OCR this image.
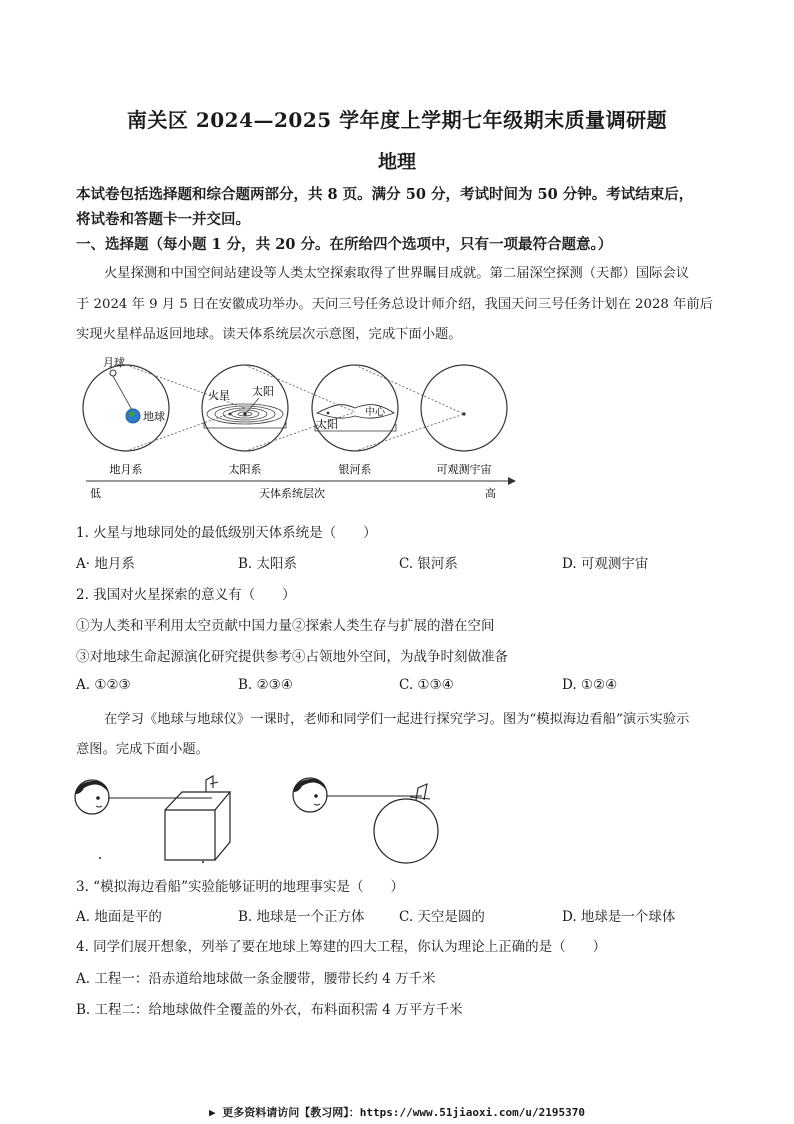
南关区 2024—2025 学年度上学期七年级期末质量调研题
地理
本试卷包括选择题和综合题两部分，共 8 页。满分 50 分，考试时间为 50 分钟。考试结束后，
将试卷和答题卡一并交回。
一、选择题（每小题 1 分，共 20 分。在所给四个选项中，只有一项最符合题意。）
火星探测和中国空间站建设等人类太空探索取得了世界瞩目成就。第二届深空探测（天都）国际会议
于 2024 年 9 月 5 日在安徽成功举办。天问三号任务总设计师介绍，我国天问三号任务计划在 2028 年前后
实现火星样品返回地球。读天体系统层次示意图，完成下面小题。
月球
地球
火星 太阳
中心
太阳
地月系	太阳系	银河系	可观测宇宙
低	天体系统层次	高
1. 火星与地球同处的最低级别天体系统是（　　）
A· 地月系	B. 太阳系	C. 银河系	D. 可观测宇宙
2. 我国对火星探索的意义有（　　）
①为人类和平利用太空贡献中国力量②探索人类生存与扩展的潜在空间
③对地球生命起源演化研究提供参考④占领地外空间，为战争时刻做准备
A. ①②③	B. ②③④	C. ①③④	D. ①②④
在学习《地球与地球仪》一课时，老师和同学们一起进行探究学习。图为“模拟海边看船”演示实验示
意图。完成下面小题。
3. “模拟海边看船”实验能够证明的地理事实是（　　）
A. 地面是平的	B. 地球是一个正方体	C. 天空是圆的	D. 地球是一个球体
4. 同学们展开想象，列举了要在地球上筹建的四大工程，你认为理论上正确的是（　　）
A. 工程一：沿赤道给地球做一条金腰带，腰带长约 4 万千米
B. 工程二：给地球做件全覆盖的外衣，布料面积需 4 万平方千米
▶ 更多资料请访问【教习网】：https://www.51jiaoxi.com/u/2195370
